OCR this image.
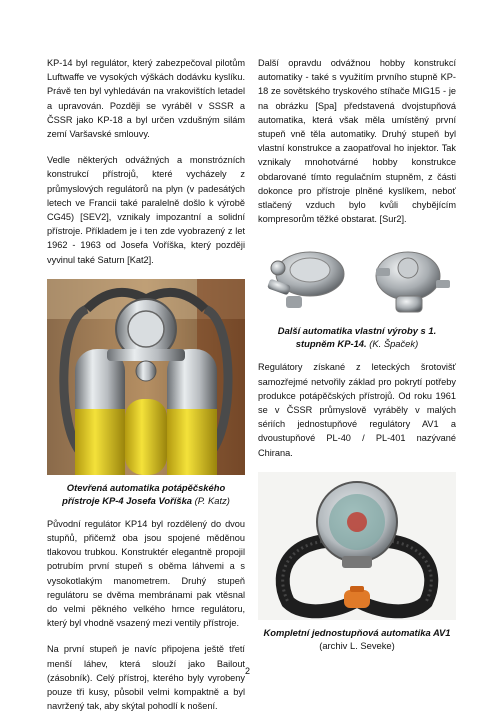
KP-14 byl regulátor, který zabezpečoval pilotům Luftwaffe ve vysokých výškách dodávku kyslíku. Právě ten byl vyhledáván na vrakovištích letadel a upravován. Později se vyráběl v SSSR a ČSSR jako KP-18 a byl určen vzdušným silám zemí Varšavské smlouvy.

Vedle některých odvážných a monstrózních konstrukcí přístrojů, které vycházely z průmyslových regulátorů na plyn (v padesátých letech ve Francii také paralelně došlo k výrobě CG45) [SEV2], vznikaly impozantní a solidní přístroje. Příkladem je i ten zde vyobrazený z let 1962 - 1963 od Josefa Voříška, který později vyvinul také Saturn [Kat2].

Otevřená automatika potápěčského přístroje KP-4 Josefa Voříška (P. Katz)

Původní regulátor KP14 byl rozdělený do dvou stupňů, přičemž oba jsou spojené měděnou tlakovou trubkou. Konstruktér elegantně propojil potrubím první stupeň s oběma láhvemi a s vysokotlakým manometrem. Druhý stupeň regulátoru se dvěma membránami pak vtěsnal do velmi pěkného velkého hrnce regulátoru, který byl vhodně vsazený mezi ventily přístroje.

Na první stupeň je navíc připojena ještě třetí menší láhev, která slouží jako Bailout (zásobník). Celý přístroj, kterého byly vyrobeny pouze tři kusy, působil velmi kompaktně a byl navržený tak, aby skýtal pohodlí k nošení.

Další opravdu odvážnou hobby konstrukcí automatiky - také s využitím prvního stupně KP-18 ze sovětského tryskového stíhače MIG15 - je na obrázku [Spa] představená dvojstupňová automatika, která však měla umístěný první stupeň vně těla automatiky. Druhý stupeň byl vlastní konstrukce a zaopatřoval ho injektor. Tak vznikaly mnohotvárné hobby konstrukce obdarované tímto regulačním stupněm, z části dokonce pro přístroje plněné kyslíkem, neboť stlačený vzduch bylo kvůli chybějícím kompresorům těžké obstarat. [Sur2].

Další automatika vlastní výroby s 1. stupněm KP-14. (K. Špaček)

Regulátory získané z leteckých šrotovišť samozřejmé netvořily základ pro pokrytí potřeby produkce potápěčských přístrojů. Od roku 1961 se v ČSSR průmyslově vyráběly v malých sériích jednostupňové regulátory AV1 a dvoustupňové PL-40 / PL-401 nazývané Chirana.

Kompletní jednostupňová automatika AV1
(archiv L. Seveke)
2
